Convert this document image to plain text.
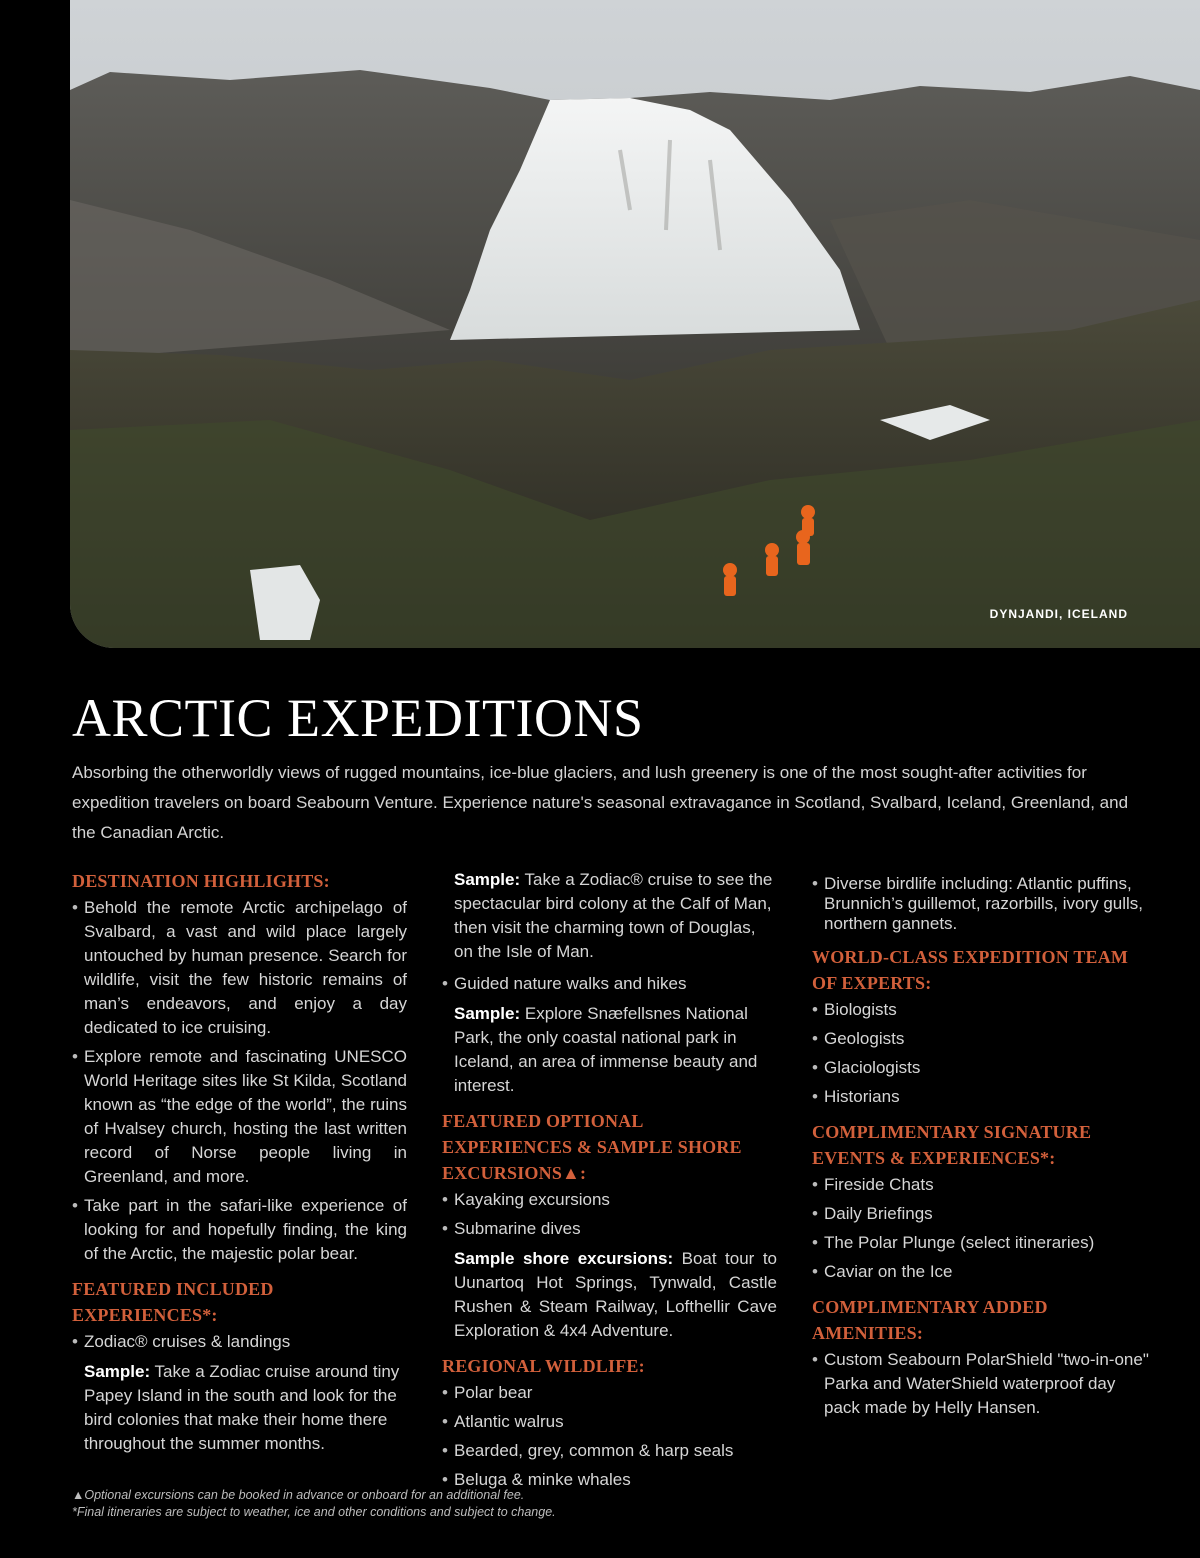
DYNJANDI, ICELAND
ARCTIC EXPEDITIONS

Absorbing the otherworldly views of rugged mountains, ice-blue glaciers, and lush greenery is one of the most sought-after activities for expedition travelers on board Seabourn Venture. Experience nature's seasonal extravagance in Scotland, Svalbard, Iceland, Greenland, and the Canadian Arctic.

DESTINATION HIGHLIGHTS:
• Behold the remote Arctic archipelago of Svalbard, a vast and wild place largely untouched by human presence. Search for wildlife, visit the few historic remains of man’s endeavors, and enjoy a day dedicated to ice cruising.
• Explore remote and fascinating UNESCO World Heritage sites like St Kilda, Scotland known as “the edge of the world”, the ruins of Hvalsey church, hosting the last written record of Norse people living in Greenland, and more.
• Take part in the safari-like experience of looking for and hopefully finding, the king of the Arctic, the majestic polar bear.
FEATURED INCLUDED EXPERIENCES*:
• Zodiac® cruises & landings
Sample: Take a Zodiac cruise around tiny Papey Island in the south and look for the bird colonies that make their home there throughout the summer months.
Sample: Take a Zodiac® cruise to see the spectacular bird colony at the Calf of Man, then visit the charming town of Douglas, on the Isle of Man.
• Guided nature walks and hikes
Sample: Explore Snæfellsnes National Park, the only coastal national park in Iceland, an area of immense beauty and interest.
FEATURED OPTIONAL EXPERIENCES & SAMPLE SHORE EXCURSIONS▲:
• Kayaking excursions
• Submarine dives
Sample shore excursions: Boat tour to Uunartoq Hot Springs, Tynwald, Castle Rushen & Steam Railway, Lofthellir Cave Exploration & 4x4 Adventure.
REGIONAL WILDLIFE:
• Polar bear
• Atlantic walrus
• Bearded, grey, common & harp seals
• Beluga & minke whales
• Diverse birdlife including: Atlantic puffins, Brunnich’s guillemot, razorbills, ivory gulls, northern gannets.
WORLD-CLASS EXPEDITION TEAM OF EXPERTS:
• Biologists
• Geologists
• Glaciologists
• Historians
COMPLIMENTARY SIGNATURE EVENTS & EXPERIENCES*:
• Fireside Chats
• Daily Briefings
• The Polar Plunge (select itineraries)
• Caviar on the Ice
COMPLIMENTARY ADDED AMENITIES:
• Custom Seabourn PolarShield "two-in-one" Parka and WaterShield waterproof day pack made by Helly Hansen.
▲Optional excursions can be booked in advance or onboard for an additional fee.
*Final itineraries are subject to weather, ice and other conditions and subject to change.
